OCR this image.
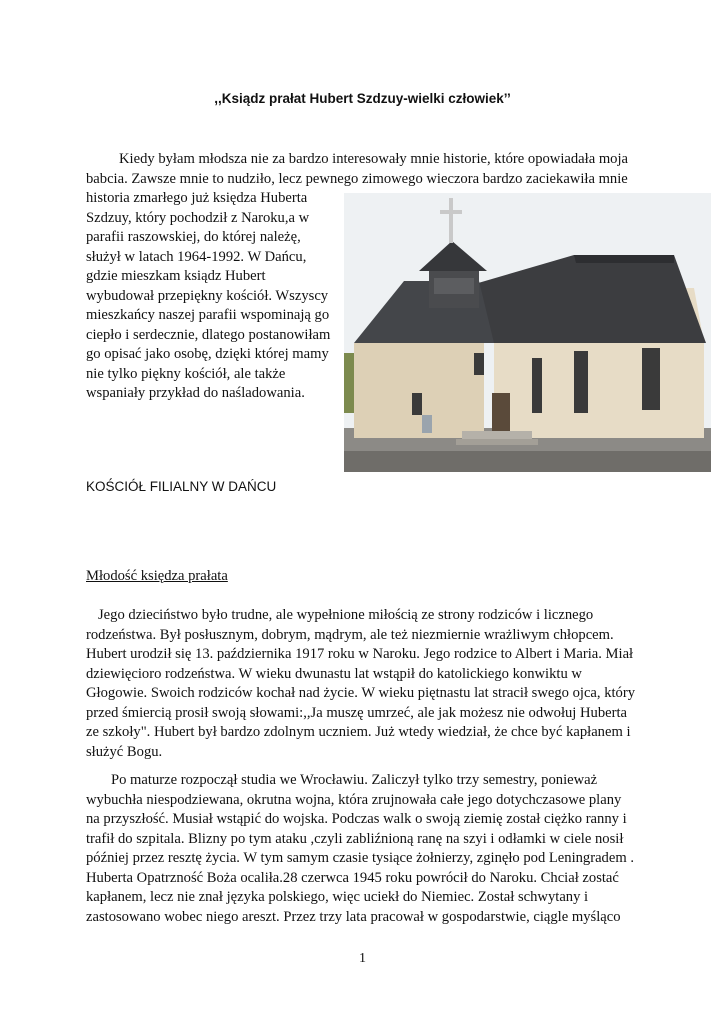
,,Ksiądz prałat Hubert Szdzuy-wielki człowiek’’

Kiedy byłam młodsza nie za bardzo interesowały mnie historie, które opowiadała moja
babcia. Zawsze mnie to nudziło, lecz pewnego zimowego wieczora bardzo zaciekawiła mnie
historia zmarłego już księdza Huberta
Szdzuy, który pochodził z Naroku,a w
parafii raszowskiej, do której należę,
służył w latach 1964-1992. W Dańcu,
gdzie mieszkam ksiądz Hubert
wybudował przepiękny kościół. Wszyscy
mieszkańcy naszej parafii wspominają go
ciepło i serdecznie, dlatego postanowiłam
go opisać jako osobę, dzięki której mamy
nie tylko piękny kościół, ale także
wspaniały przykład do naśladowania.

KOŚCIÓŁ FILIALNY W DAŃCU

Młodość księdza prałata

Jego dzieciństwo było trudne, ale wypełnione miłością ze strony rodziców i licznego
rodzeństwa. Był posłusznym, dobrym, mądrym, ale też niezmiernie wrażliwym chłopcem.
Hubert urodził się 13. października 1917 roku w Naroku. Jego rodzice to Albert i Maria. Miał
dziewięcioro rodzeństwa. W wieku dwunastu lat wstąpił do katolickiego konwiktu w
Głogowie. Swoich rodziców kochał nad życie. W wieku piętnastu lat stracił swego ojca, który
przed śmiercią prosił swoją słowami:,,Ja muszę umrzeć, ale jak możesz nie odwołuj Huberta
ze szkoły". Hubert był bardzo zdolnym uczniem. Już wtedy wiedział, że chce być kapłanem i
służyć Bogu.
Po maturze rozpoczął studia we Wrocławiu. Zaliczył tylko trzy semestry, ponieważ
wybuchła niespodziewana, okrutna wojna, która zrujnowała całe jego dotychczasowe plany
na przyszłość. Musiał wstąpić do wojska. Podczas walk o swoją ziemię został ciężko ranny i
trafił do szpitala. Blizny po tym ataku ,czyli zabliźnioną ranę na szyi i odłamki w ciele nosił
później przez resztę życia. W tym samym czasie tysiące żołnierzy, zginęło pod Leningradem .
Huberta Opatrzność Boża ocaliła.28 czerwca 1945 roku powrócił do Naroku. Chciał zostać
kapłanem, lecz nie znał języka polskiego, więc uciekł do Niemiec. Został schwytany i
zastosowano wobec niego areszt. Przez trzy lata pracował w gospodarstwie, ciągle myśląco

1
